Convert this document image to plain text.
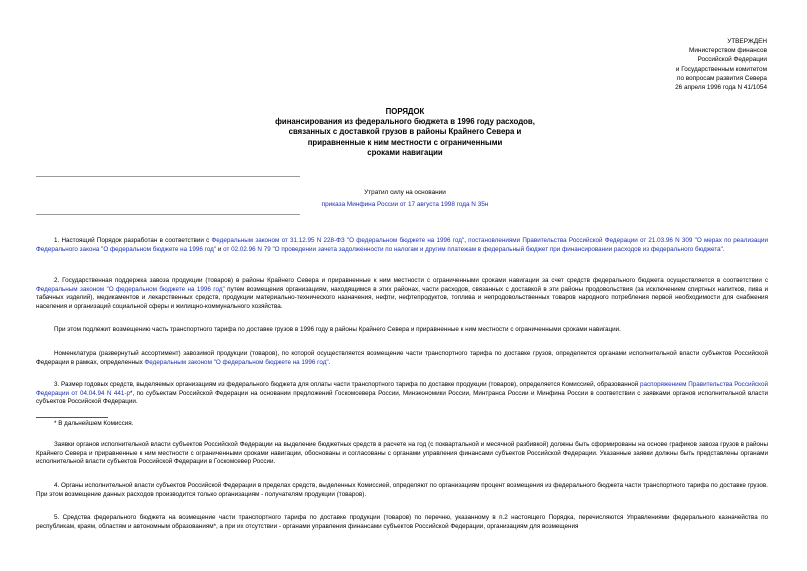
УТВЕРЖДЕН
Министерством финансов
Российской Федерации
и Государственным комитетом
по вопросам развития Севера
26 апреля 1996 года N 41/1054
ПОРЯДОК
финансирования из федерального бюджета в 1996 году расходов,
связанных с доставкой грузов в районы Крайнего Севера и
приравненные к ним местности с ограниченными
сроками навигации
Утратил силу на основании
приказа Минфина России от 17 августа 1998 года N 35н
1. Настоящий Порядок разработан в соответствии с Федеральным законом от 31.12.95 N 228-ФЗ "О федеральном бюджете на 1996 год", постановлениями Правительства Российской Федерации от 21.03.96 N 309 "О мерах по реализации Федерального закона "О федеральном бюджете на 1996 год" и от 02.02.96 N 79 "О проведении зачета задолженности по налогам и другим платежам в федеральный бюджет при финансировании расходов из федерального бюджета".
2. Государственная поддержка завоза продукции (товаров) в районы Крайнего Севера и приравненные к ним местности с ограниченными сроками навигации за счет средств федерального бюджета осуществляется в соответствии с Федеральным законом "О федеральном бюджете на 1996 год" путем возмещения организациям, находящимся в этих районах, части расходов, связанных с доставкой в эти районы продовольствия (за исключением спиртных напитков, пива и табачных изделий), медикаментов и лекарственных средств, продукции материально-технического назначения, нефти, нефтепродуктов, топлива и непродовольственных товаров народного потребления первой необходимости для снабжения населения и организаций социальной сферы и жилищно-коммунального хозяйства.
При этом подлежит возмещению часть транспортного тарифа по доставке грузов в 1996 году в районы Крайнего Севера и приравненные к ним местности с ограниченными сроками навигации.
Номенклатура (развернутый ассортимент) завозимой продукции (товаров), по которой осуществляется возмещение части транспортного тарифа по доставке грузов, определяется органами исполнительной власти субъектов Российской Федерации в рамках, определенных Федеральным законом "О федеральном бюджете на 1996 год".
3. Размер годовых средств, выделяемых организациям из федерального бюджета для оплаты части транспортного тарифа по доставке продукции (товаров), определяется Комиссией, образованной распоряжением Правительства Российской Федерации от 04.04.94 N 441-р*, по субъектам Российской Федерации на основании предложений Госкомсевера России, Минэкономики России, Минтранса России и Минфина России в соответствии с заявками органов исполнительной власти субъектов Российской Федерации.
* В дальнейшем Комиссия.
Заявки органов исполнительной власти субъектов Российской Федерации на выделение бюджетных средств в расчете на год (с поквартальной и месячной разбивкой) должны быть сформированы на основе графиков завоза грузов в районы Крайнего Севера и приравненные к ним местности с ограниченными сроками навигации, обоснованы и согласованы с органами управления финансами субъектов Российской Федерации. Указанные заявки должны быть представлены органами исполнительной власти субъектов Российской Федерации в Госкомсевер России.
4. Органы исполнительной власти субъектов Российской Федерации в пределах средств, выделенных Комиссией, определяют по организациям процент возмещения из федерального бюджета части транспортного тарифа по доставке грузов. При этом возмещение данных расходов производится только организациям - получателям продукции (товаров).
5. Средства федерального бюджета на возмещение части транспортного тарифа по доставке продукции (товаров) по перечню, указанному в п.2 настоящего Порядка, перечисляются Управлениями федерального казначейства по республикам, краям, областям и автономным образованиям*, а при их отсутствии - органами управления финансами субъектов Российской Федерации, организациям для возмещения
